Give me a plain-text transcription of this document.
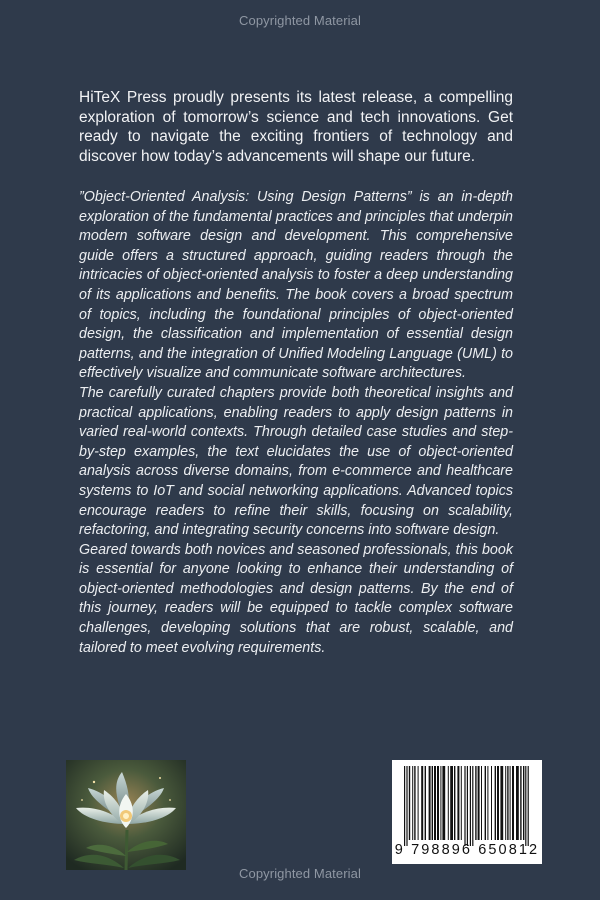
Copyrighted Material

HiTeX Press proudly presents its latest release, a compelling exploration of tomorrow’s science and tech innovations. Get ready to navigate the exciting frontiers of technology and discover how today’s advancements will shape our future.

”Object-Oriented Analysis: Using Design Patterns” is an in-depth exploration of the fundamental practices and principles that underpin modern software design and development. This comprehensive guide offers a structured approach, guiding readers through the intricacies of object-oriented analysis to foster a deep understanding of its applications and benefits. The book covers a broad spectrum of topics, including the foundational principles of object-oriented design, the classification and implementation of essential design patterns, and the integration of Unified Modeling Language (UML) to effectively visualize and communicate software architectures.

The carefully curated chapters provide both theoretical insights and practical applications, enabling readers to apply design patterns in varied real-world contexts. Through detailed case studies and step-by-step examples, the text elucidates the use of object-oriented analysis across diverse domains, from e-commerce and healthcare systems to IoT and social networking applications. Advanced topics encourage readers to refine their skills, focusing on scalability, refactoring, and integrating security concerns into software design.

Geared towards both novices and seasoned professionals, this book is essential for anyone looking to enhance their understanding of object-oriented methodologies and design patterns. By the end of this journey, readers will be equipped to tackle complex software challenges, developing solutions that are robust, scalable, and tailored to meet evolving requirements.

9 798896 650812
Copyrighted Material
